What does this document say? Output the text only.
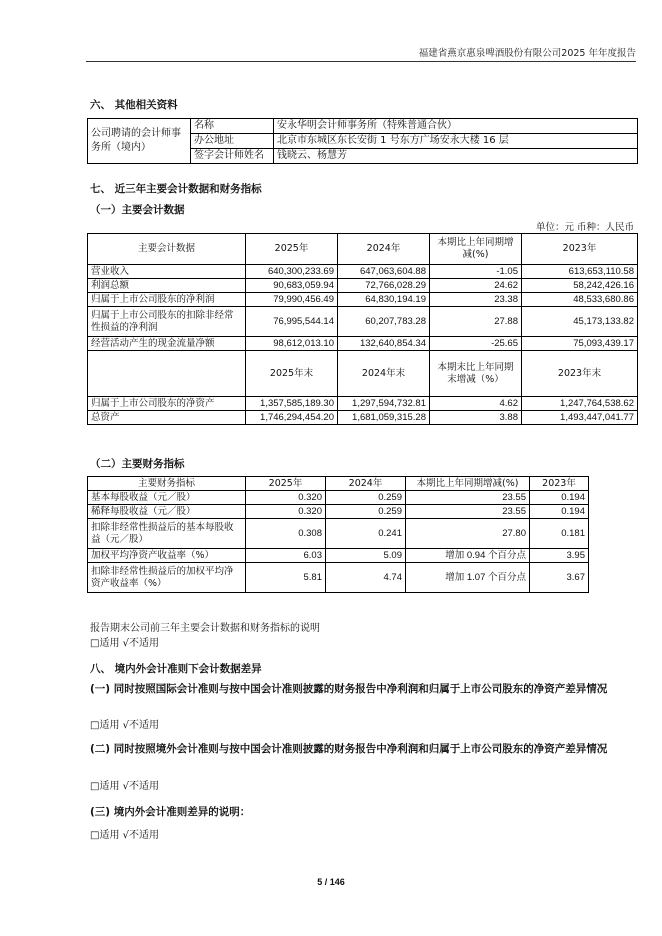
福建省燕京惠泉啤酒股份有限公司2025 年年度报告
六、 其他相关资料
公司聘请的会计师事务所（境内）	名称	安永华明会计师事务所（特殊普通合伙）
	办公地址	北京市东城区东长安街 1 号东方广场安永大楼 16 层
	签字会计师姓名	钱晓云、杨慧芳
七、 近三年主要会计数据和财务指标
（一）主要会计数据
单位：元 币种：人民币
主要会计数据	2025年	2024年	本期比上年同期增减(%)	2023年
营业收入	640,300,233.69	647,063,604.88	-1.05	613,653,110.58
利润总额	90,683,059.94	72,766,028.29	24.62	58,242,426.16
归属于上市公司股东的净利润	79,990,456.49	64,830,194.19	23.38	48,533,680.86
归属于上市公司股东的扣除非经常性损益的净利润	76,995,544.14	60,207,783.28	27.88	45,173,133.82
经营活动产生的现金流量净额	98,612,013.10	132,640,854.34	-25.65	75,093,439.17
	2025年末	2024年末	本期末比上年同期末增减（%）	2023年末
归属于上市公司股东的净资产	1,357,585,189.30	1,297,594,732.81	4.62	1,247,764,538.62
总资产	1,746,294,454.20	1,681,059,315.28	3.88	1,493,447,041.77
（二）主要财务指标
主要财务指标	2025年	2024年	本期比上年同期增减(%)	2023年
基本每股收益（元／股）	0.320	0.259	23.55	0.194
稀释每股收益（元／股）	0.320	0.259	23.55	0.194
扣除非经常性损益后的基本每股收益（元／股）	0.308	0.241	27.80	0.181
加权平均净资产收益率（%）	6.03	5.09	增加 0.94 个百分点	3.95
扣除非经常性损益后的加权平均净资产收益率（%）	5.81	4.74	增加 1.07 个百分点	3.67
报告期末公司前三年主要会计数据和财务指标的说明
□适用 √不适用
八、 境内外会计准则下会计数据差异
(一) 同时按照国际会计准则与按中国会计准则披露的财务报告中净利润和归属于上市公司股东的净资产差异情况
□适用 √不适用
(二) 同时按照境外会计准则与按中国会计准则披露的财务报告中净利润和归属于上市公司股东的净资产差异情况
□适用 √不适用
(三) 境内外会计准则差异的说明：
□适用 √不适用
5 / 146
